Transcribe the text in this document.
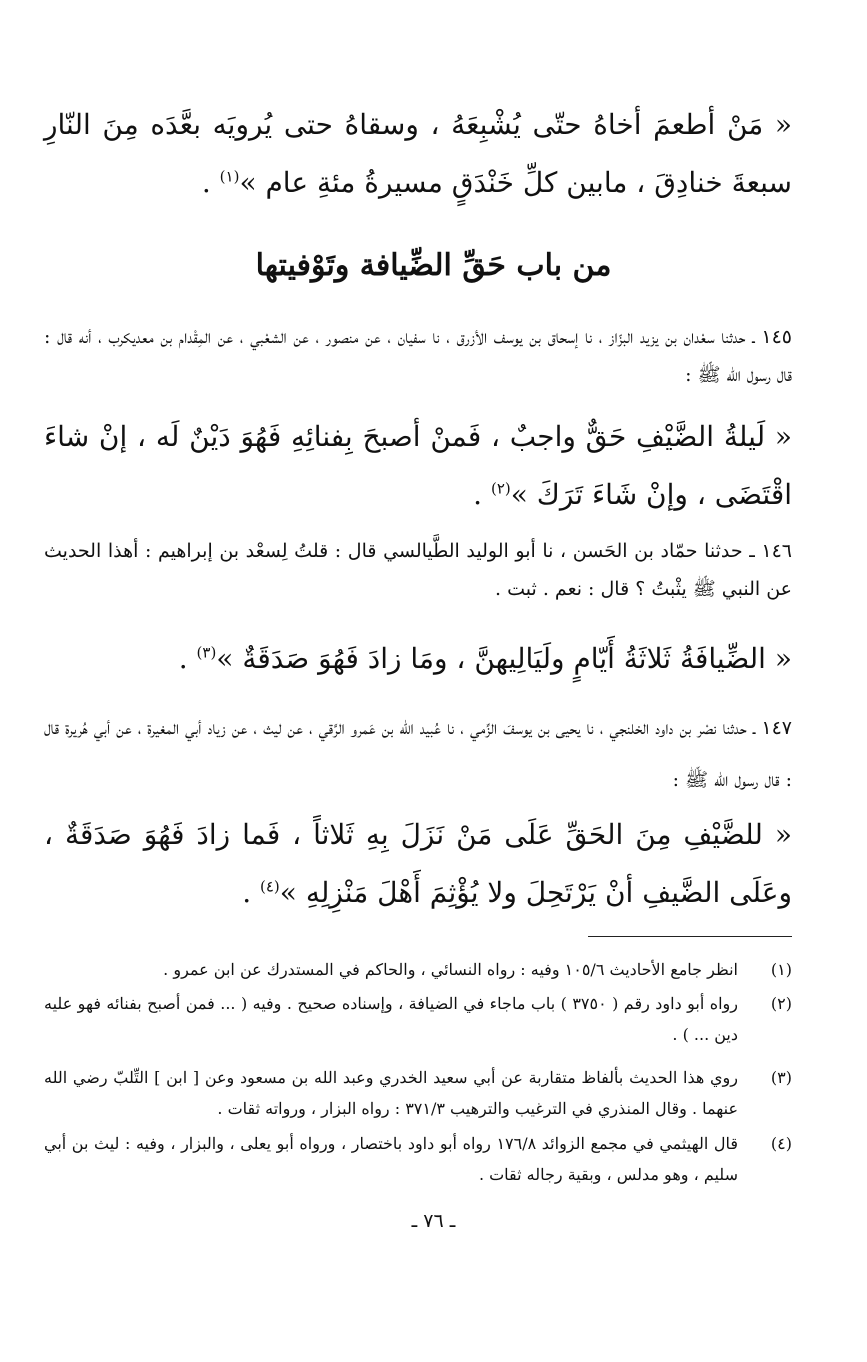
« مَنْ أطعمَ أخاهُ حتّى يُشْبِعَهُ ، وسقاهُ حتى يُرويَه بعَّدَه مِنَ النّارِ سبعةَ خنادِقَ ، مابين كلِّ خَنْدَقٍ مسيرةُ مئةِ عام »$^{(١)}$ .
من باب حَقِّ الضِّيافة وتَوْفيتها
١٤٥ ـ حدثنا سعْدان بن يزيد البزّاز ، نا إسحاق بن يوسف الأزرق ، نا سفيان ، عن منصور ، عن الشعْبي ، عن المِقْدام بن معديكرب ، أنه قال : قال رسول الله ﷺ :
« لَيلةُ الضَّيْفِ حَقٌّ واجبٌ ، فَمنْ أصبحَ بِفنائِهِ فَهُوَ دَيْنٌ لَه ، إنْ شاءَ اقْتَضَى ، وإنْ شَاءَ تَرَكَ »$^{(٢)}$ .
١٤٦ ـ حدثنا حمّاد بن الحَسن ، نا أبو الوليد الطَّيالسي قال : قلتُ لِسعْد بن إبراهيم : أهذا الحديث عن النبي ﷺ يثْبتُ ؟ قال : نعم . ثبت .
« الضِّيافَةُ ثَلاثَةُ أَيّامٍ ولَيَالِيهنَّ ، ومَا زادَ فَهُوَ صَدَقَةٌ »$^{(٣)}$ .
١٤٧ ـ حدثنا نصْر بن داود الخلنجي ، نا يحيى بن يوسفَ الزِّمي ، نا عُبيد الله بن عَمرو الرَّقي ، عن ليث ، عن زياد أبي المغيرة ، عن أبي هُريرة قال : قال رسول الله ﷺ :
« للضَّيْفِ مِنَ الحَقِّ عَلَى مَنْ نَزَلَ بِهِ ثَلاثاً ، فَما زادَ فَهُوَ صَدَقَةٌ ، وعَلَى الضَّيفِ أنْ يَرْتَحِلَ ولا يُؤْثِمَ أَهْلَ مَنْزِلِهِ »$^{(٤)}$ .
(١)
انظر جامع الأحاديث ١٠٥/٦ وفيه : رواه النسائي ، والحاكم في المستدرك عن ابن عمرو .
(٢)
رواه أبو داود رقم ( ٣٧٥٠ ) باب ماجاء في الضيافة ، وإسناده صحيح . وفيه ( ... فمن أصبح بفنائه فهو عليه دين ... ) .
(٣)
روي هذا الحديث بألفاظ متقاربة عن أبي سعيد الخدري وعبد الله بن مسعود وعن [ ابن ] التِّلبّ رضي الله عنهما . وقال المنذري في الترغيب والترهيب ٣٧١/٣ : رواه البزار ، ورواته ثقات .
(٤)
قال الهيثمي في مجمع الزوائد ١٧٦/٨ رواه أبو داود باختصار ، ورواه أبو يعلى ، والبزار ، وفيه : ليث بن أبي سليم ، وهو مدلس ، وبقية رجاله ثقات .
ـ ٧٦ ـ
